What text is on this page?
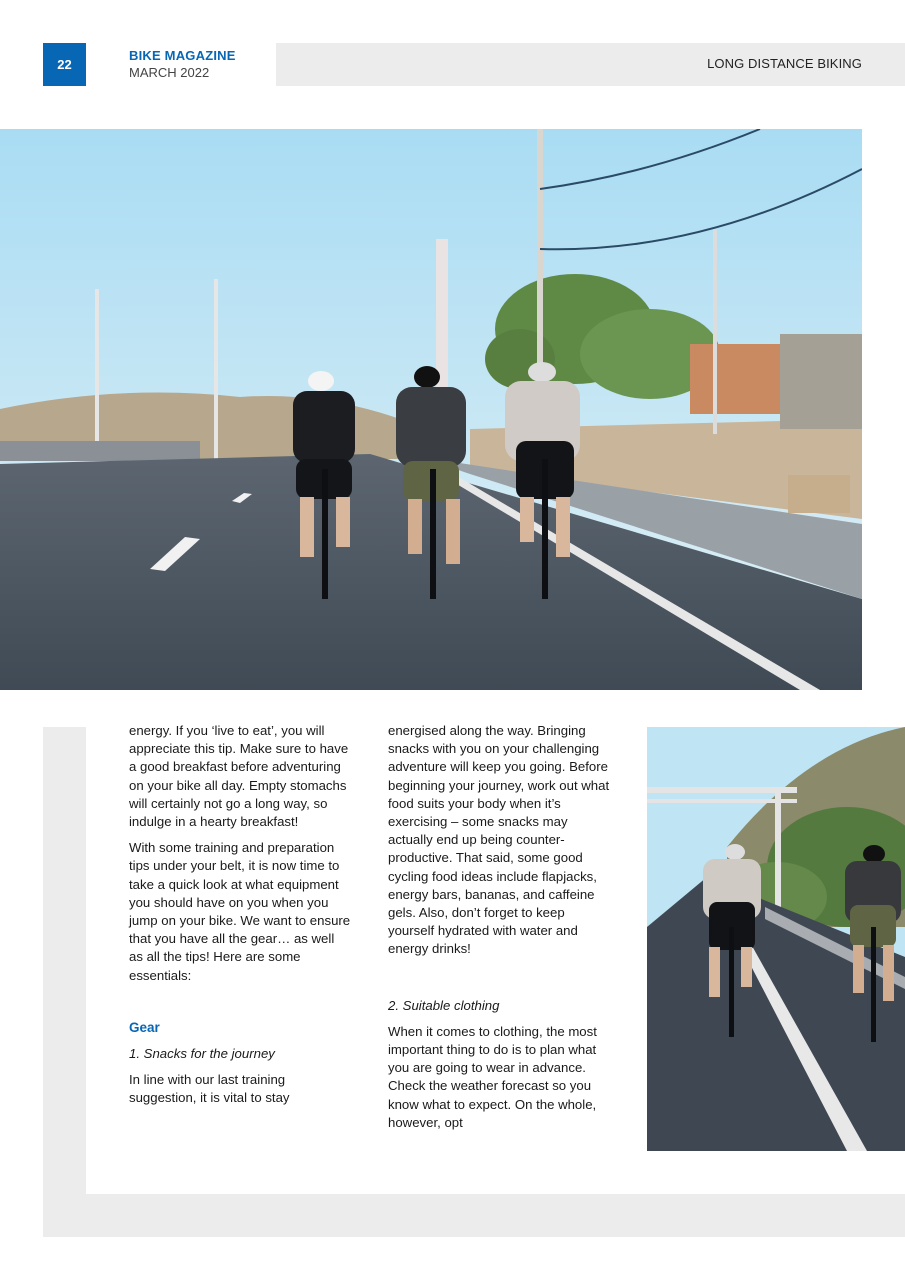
22
BIKE MAGAZINE
MARCH 2022
LONG DISTANCE BIKING

energy. If you ‘live to eat’, you will appreciate this tip. Make sure to have a good breakfast before adventuring on your bike all day. Empty stomachs will certainly not go a long way, so indulge in a hearty breakfast!

With some training and preparation tips under your belt, it is now time to take a quick look at what equipment you should have on you when you jump on your bike. We want to ensure that you have all the gear… as well as all the tips! Here are some essentials:

Gear
1. Snacks for the journey

In line with our last training suggestion, it is vital to stay

energised along the way. Bringing snacks with you on your challenging adventure will keep you going. Before beginning your journey, work out what food suits your body when it’s exercising – some snacks may actually end up being counter-productive. That said, some good cycling food ideas include flapjacks, energy bars, bananas, and caffeine gels. Also, don’t forget to keep yourself hydrated with water and energy drinks!

2. Suitable clothing

When it comes to clothing, the most important thing to do is to plan what you are going to wear in advance. Check the weather forecast so you know what to expect. On the whole, however, opt
